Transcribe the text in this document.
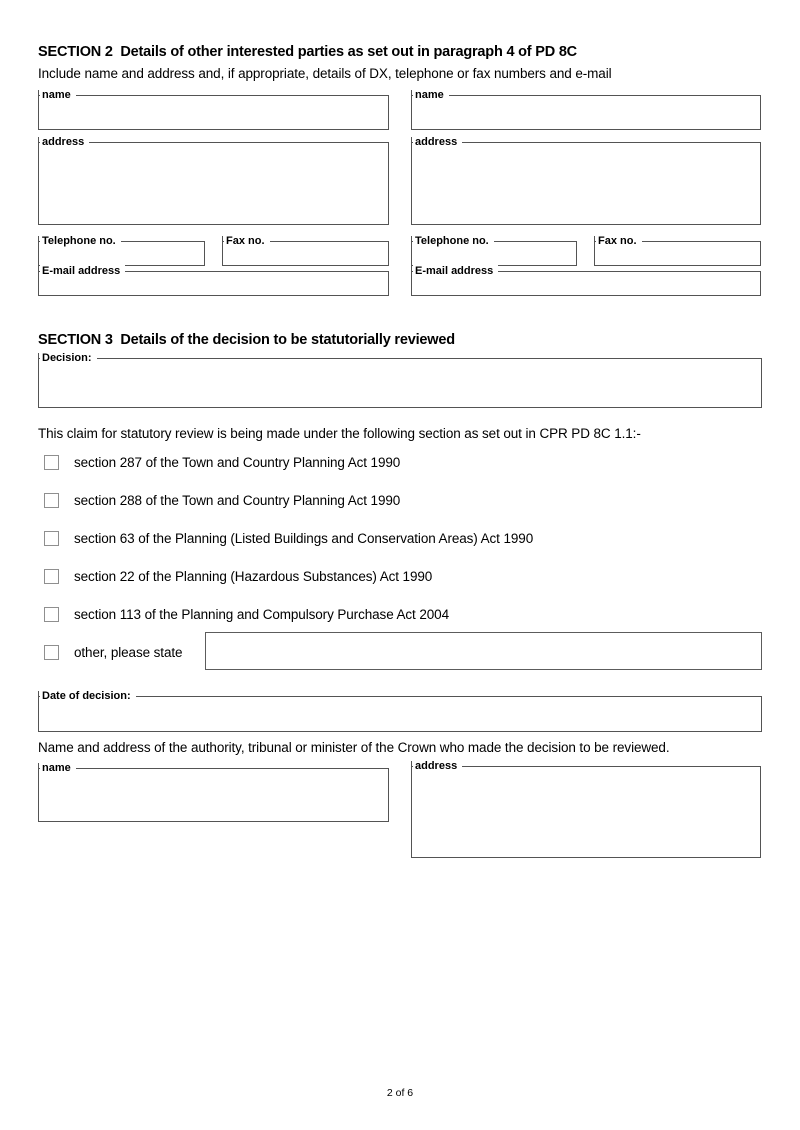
SECTION 2  Details of other interested parties as set out in paragraph 4 of PD 8C
Include name and address and, if appropriate, details of DX, telephone or fax numbers and e-mail
name
address
Telephone no.	Fax no.
E-mail address
name
address
Telephone no.	Fax no.
E-mail address
SECTION 3  Details of the decision to be statutorially reviewed
Decision:
This claim for statutory review is being made under the following section as set out in CPR PD 8C 1.1:-
section 287 of the Town and Country Planning Act 1990
section 288 of the Town and Country Planning Act 1990
section 63 of the Planning (Listed Buildings and Conservation Areas) Act 1990
section 22 of the Planning (Hazardous Substances) Act 1990
section 113 of the Planning and Compulsory Purchase Act 2004
other, please state
Date of decision:
Name and address of the authority, tribunal or minister of the Crown who made the decision to be reviewed.
name	address
2 of 6
